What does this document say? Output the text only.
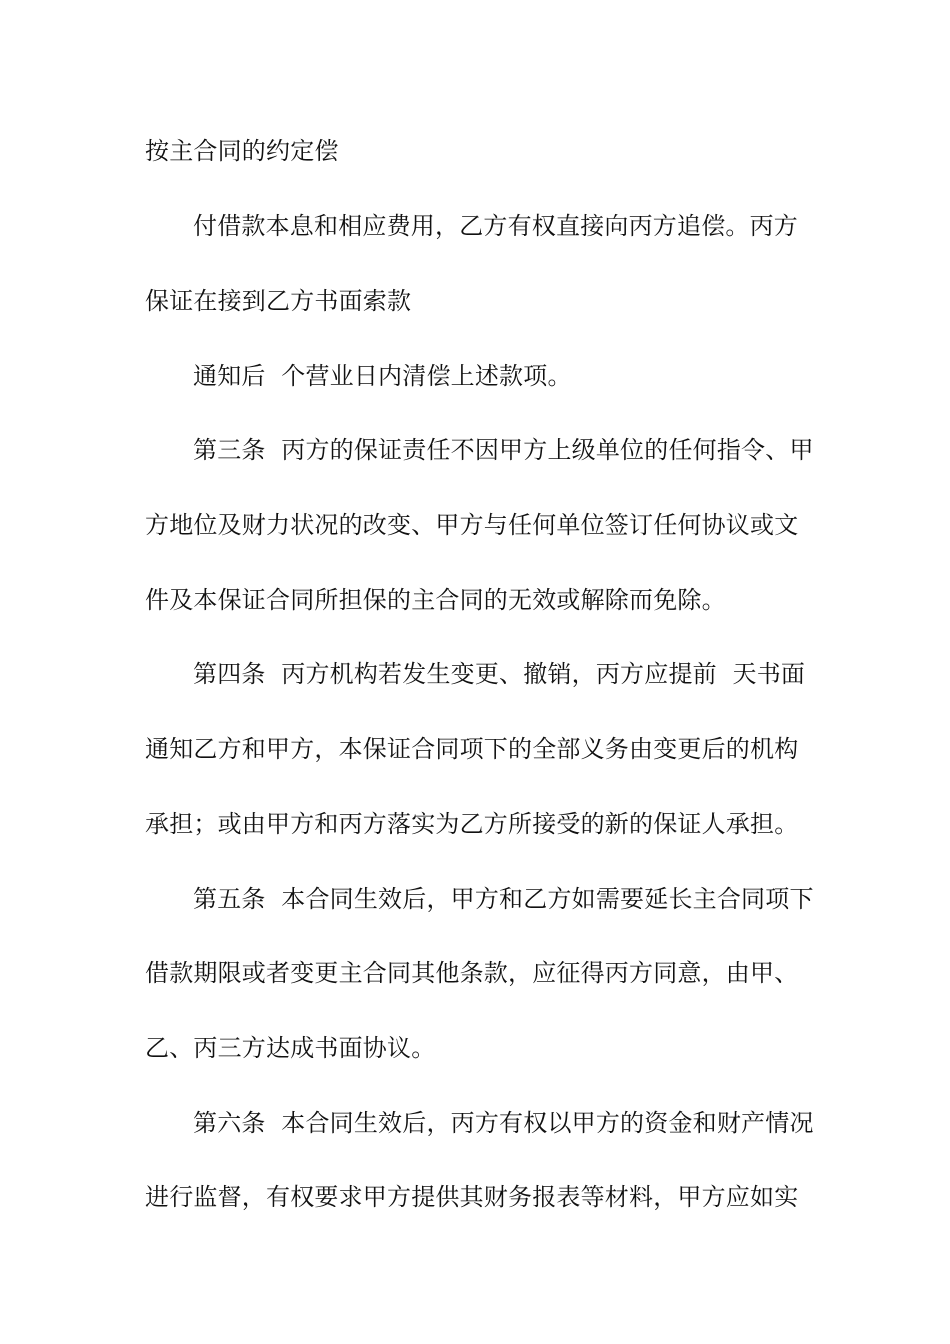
按主合同的约定偿
付借款本息和相应费用，乙方有权直接向丙方追偿。丙方
保证在接到乙方书面索款
通知后  个营业日内清偿上述款项。
第三条  丙方的保证责任不因甲方上级单位的任何指令、甲
方地位及财力状况的改变、甲方与任何单位签订任何协议或文
件及本保证合同所担保的主合同的无效或解除而免除。
第四条  丙方机构若发生变更、撤销，丙方应提前  天书面
通知乙方和甲方，本保证合同项下的全部义务由变更后的机构
承担；或由甲方和丙方落实为乙方所接受的新的保证人承担。
第五条  本合同生效后，甲方和乙方如需要延长主合同项下
借款期限或者变更主合同其他条款，应征得丙方同意，由甲、
乙、丙三方达成书面协议。
第六条  本合同生效后，丙方有权以甲方的资金和财产情况
进行监督，有权要求甲方提供其财务报表等材料，甲方应如实
